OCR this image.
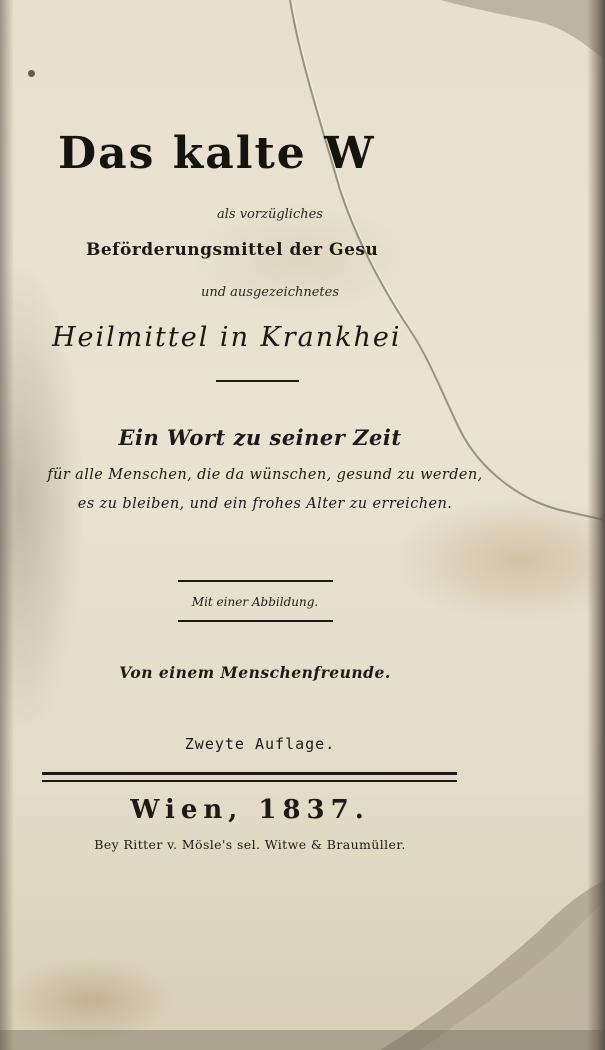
Das kalte W
als vorzügliches
Beförderungsmittel der Gesu
und ausgezeichnetes
Heilmittel in Krankhei
Ein Wort zu seiner Zeit
für alle Menschen, die da wünschen, gesund zu werden,
es zu bleiben, und ein frohes Alter zu erreichen.
Mit einer Abbildung.
Von einem Menschenfreunde.
Zweyte Auflage.
Wien, 1837.
Bey Ritter v. Mösle's sel. Witwe & Braumüller.
